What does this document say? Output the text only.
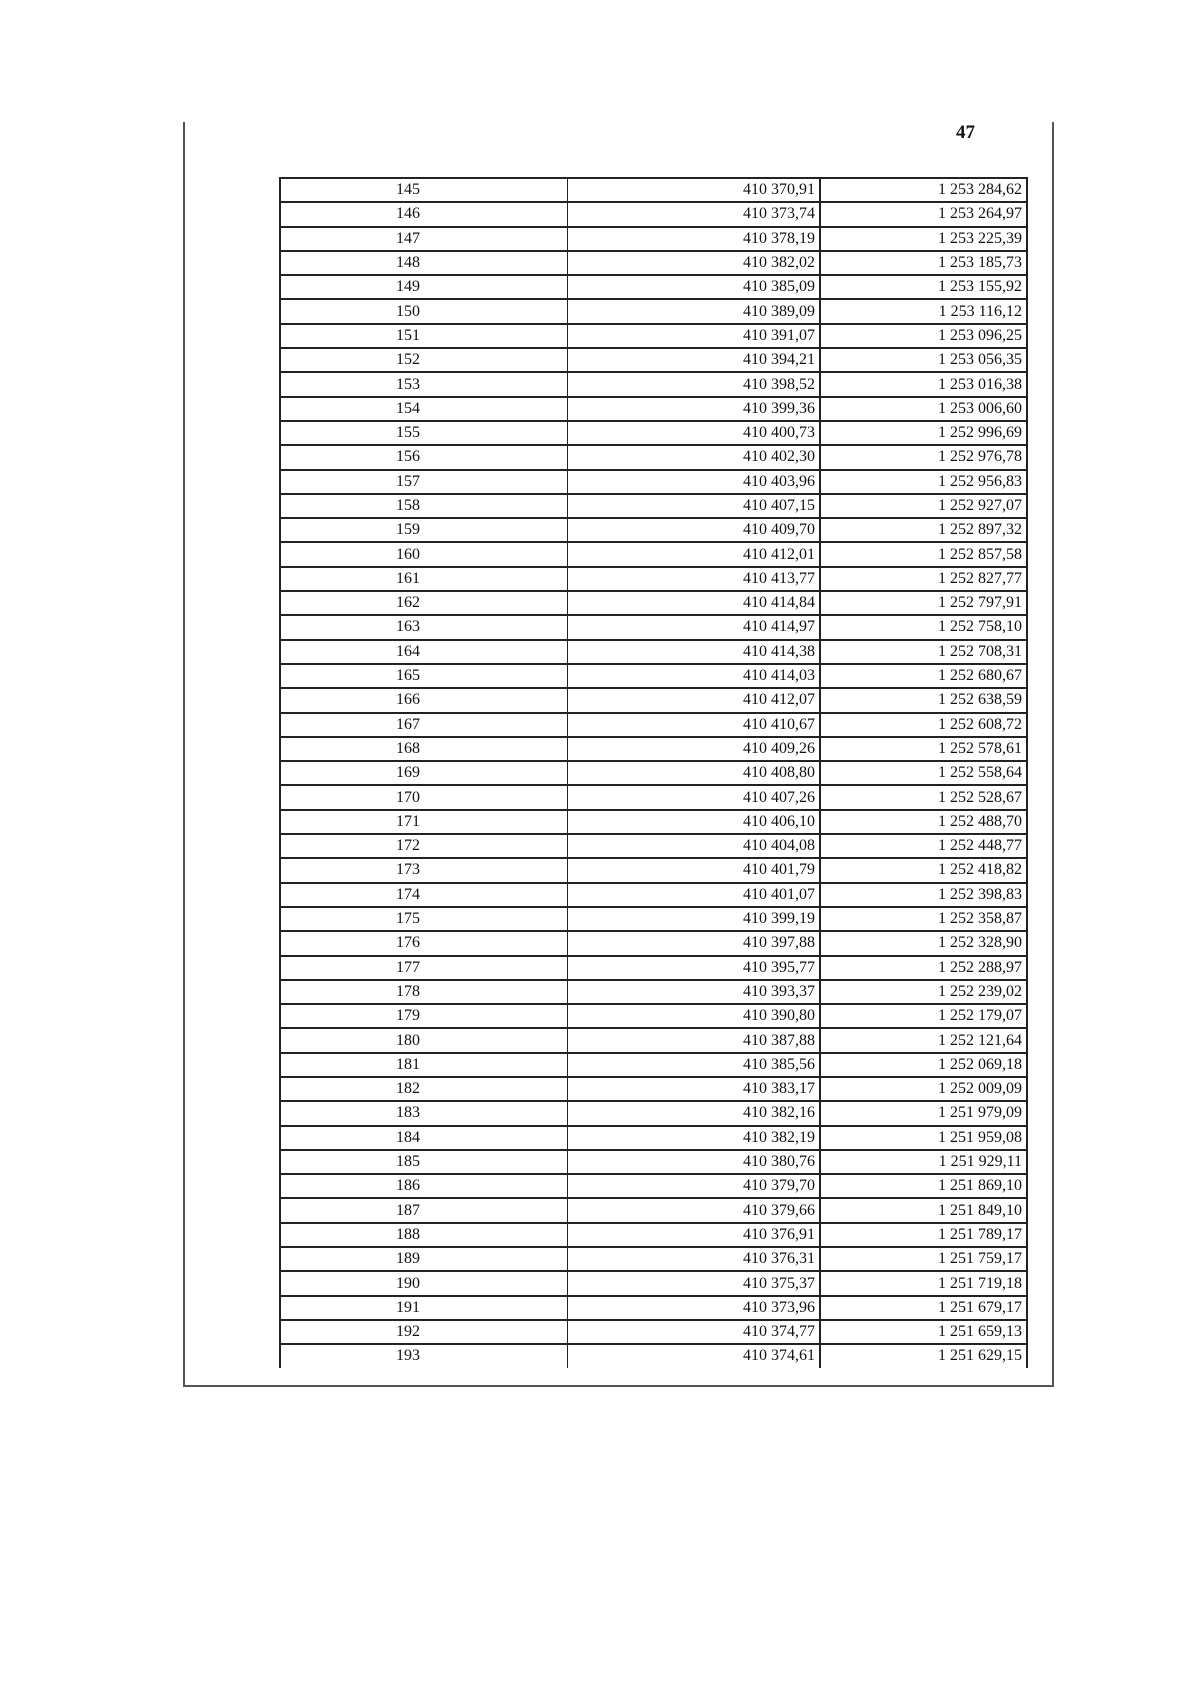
47
145	410 370,91	1 253 284,62
146	410 373,74	1 253 264,97
147	410 378,19	1 253 225,39
148	410 382,02	1 253 185,73
149	410 385,09	1 253 155,92
150	410 389,09	1 253 116,12
151	410 391,07	1 253 096,25
152	410 394,21	1 253 056,35
153	410 398,52	1 253 016,38
154	410 399,36	1 253 006,60
155	410 400,73	1 252 996,69
156	410 402,30	1 252 976,78
157	410 403,96	1 252 956,83
158	410 407,15	1 252 927,07
159	410 409,70	1 252 897,32
160	410 412,01	1 252 857,58
161	410 413,77	1 252 827,77
162	410 414,84	1 252 797,91
163	410 414,97	1 252 758,10
164	410 414,38	1 252 708,31
165	410 414,03	1 252 680,67
166	410 412,07	1 252 638,59
167	410 410,67	1 252 608,72
168	410 409,26	1 252 578,61
169	410 408,80	1 252 558,64
170	410 407,26	1 252 528,67
171	410 406,10	1 252 488,70
172	410 404,08	1 252 448,77
173	410 401,79	1 252 418,82
174	410 401,07	1 252 398,83
175	410 399,19	1 252 358,87
176	410 397,88	1 252 328,90
177	410 395,77	1 252 288,97
178	410 393,37	1 252 239,02
179	410 390,80	1 252 179,07
180	410 387,88	1 252 121,64
181	410 385,56	1 252 069,18
182	410 383,17	1 252 009,09
183	410 382,16	1 251 979,09
184	410 382,19	1 251 959,08
185	410 380,76	1 251 929,11
186	410 379,70	1 251 869,10
187	410 379,66	1 251 849,10
188	410 376,91	1 251 789,17
189	410 376,31	1 251 759,17
190	410 375,37	1 251 719,18
191	410 373,96	1 251 679,17
192	410 374,77	1 251 659,13
193	410 374,61	1 251 629,15
